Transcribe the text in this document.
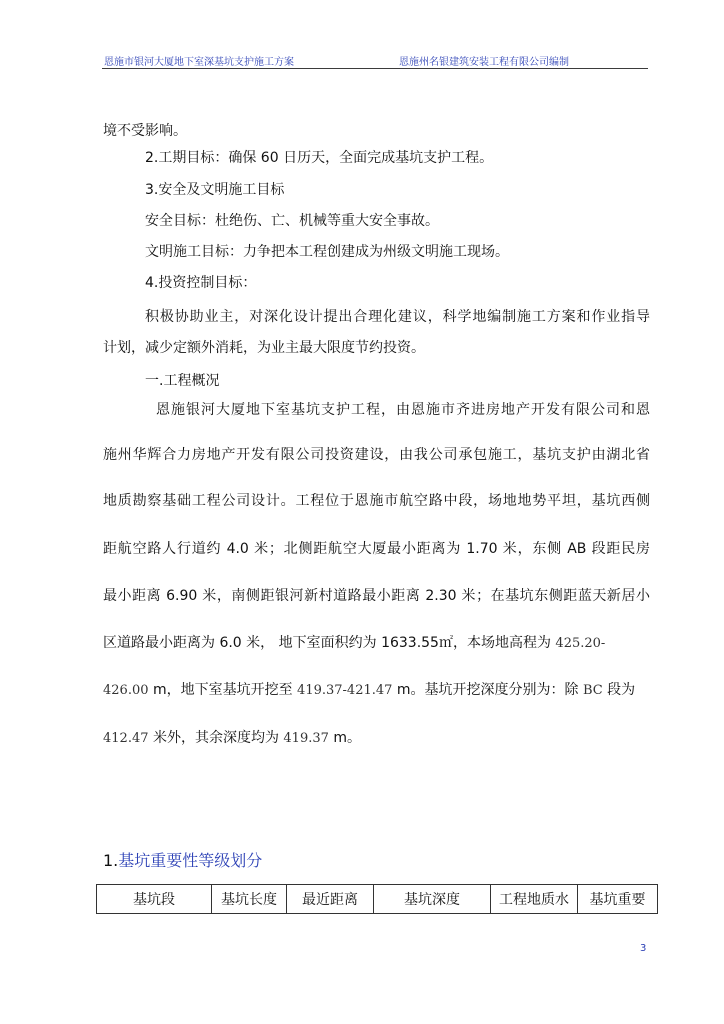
恩施市银河大厦地下室深基坑支护施工方案	恩施州名银建筑安装工程有限公司编制
境不受影响。
2.工期目标：确保 60 日历天，全面完成基坑支护工程。
3.安全及文明施工目标
安全目标：杜绝伤、亡、机械等重大安全事故。
文明施工目标：力争把本工程创建成为州级文明施工现场。
4.投资控制目标：
积极协助业主，对深化设计提出合理化建议，科学地编制施工方案和作业指导
计划，减少定额外消耗，为业主最大限度节约投资。
一.工程概况
恩施银河大厦地下室基坑支护工程，由恩施市齐进房地产开发有限公司和恩
施州华辉合力房地产开发有限公司投资建设，由我公司承包施工，基坑支护由湖北省
地质勘察基础工程公司设计。工程位于恩施市航空路中段，场地地势平坦，基坑西侧
距航空路人行道约 4.0 米；北侧距航空大厦最小距离为 1.70 米，东侧 AB 段距民房
最小距离 6.90 米，南侧距银河新村道路最小距离 2.30 米；在基坑东侧距蓝天新居小
区道路最小距离为 6.0 米， 地下室面积约为 1633.55㎡，本场地高程为 425.20-
426.00 m，地下室基坑开挖至 419.37-421.47 m。基坑开挖深度分别为：除 BC 段为
412.47 米外，其余深度均为 419.37 m。
1.基坑重要性等级划分
基坑段	基坑长度	最近距离	基坑深度	工程地质水	基坑重要
3
